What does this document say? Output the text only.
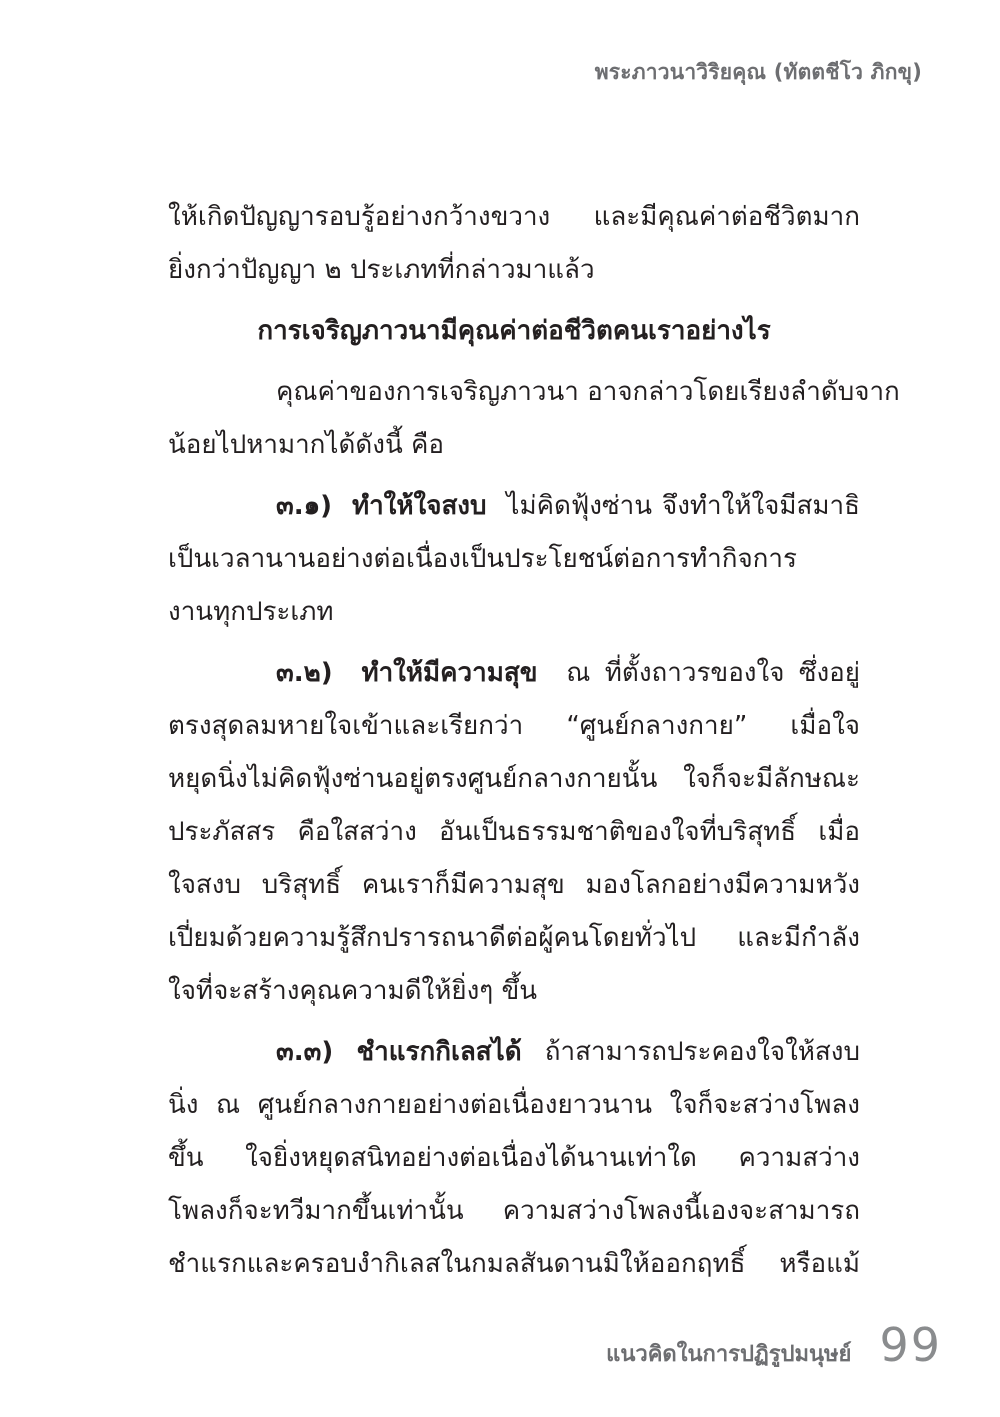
พระภาวนาวิริยคุณ (ทัตตชีโว ภิกขุ)
ให้เกิดปัญญารอบรู้อย่างกว้างขวาง และมีคุณค่าต่อชีวิตมาก
ยิ่งกว่าปัญญา ๒ ประเภทที่กล่าวมาแล้ว
การเจริญภาวนามีคุณค่าต่อชีวิตคนเราอย่างไร
คุณค่าของการเจริญภาวนา อาจกล่าวโดยเรียงลำดับจาก
น้อยไปหามากได้ดังนี้ คือ
๓.๑) ทำให้ใจสงบ ไม่คิดฟุ้งซ่าน จึงทำให้ใจมีสมาธิ
เป็นเวลานานอย่างต่อเนื่องเป็นประโยชน์ต่อการทำกิจการ
งานทุกประเภท
๓.๒) ทำให้มีความสุข ณ ที่ตั้งถาวรของใจ ซึ่งอยู่
ตรงสุดลมหายใจเข้าและเรียกว่า “ศูนย์กลางกาย” เมื่อใจ
หยุดนิ่งไม่คิดฟุ้งซ่านอยู่ตรงศูนย์กลางกายนั้น ใจก็จะมีลักษณะ
ประภัสสร คือใสสว่าง อันเป็นธรรมชาติของใจที่บริสุทธิ์ เมื่อ
ใจสงบ บริสุทธิ์ คนเราก็มีความสุข มองโลกอย่างมีความหวัง
เปี่ยมด้วยความรู้สึกปรารถนาดีต่อผู้คนโดยทั่วไป และมีกำลัง
ใจที่จะสร้างคุณความดีให้ยิ่งๆ ขึ้น
๓.๓) ชำแรกกิเลสได้ ถ้าสามารถประคองใจให้สงบ
นิ่ง ณ ศูนย์กลางกายอย่างต่อเนื่องยาวนาน ใจก็จะสว่างโพลง
ขึ้น ใจยิ่งหยุดสนิทอย่างต่อเนื่องได้นานเท่าใด ความสว่าง
โพลงก็จะทวีมากขึ้นเท่านั้น ความสว่างโพลงนี้เองจะสามารถ
ชำแรกและครอบงำกิเลสในกมลสันดานมิให้ออกฤทธิ์ หรือแม้
แนวคิดในการปฏิรูปมนุษย์ 99
